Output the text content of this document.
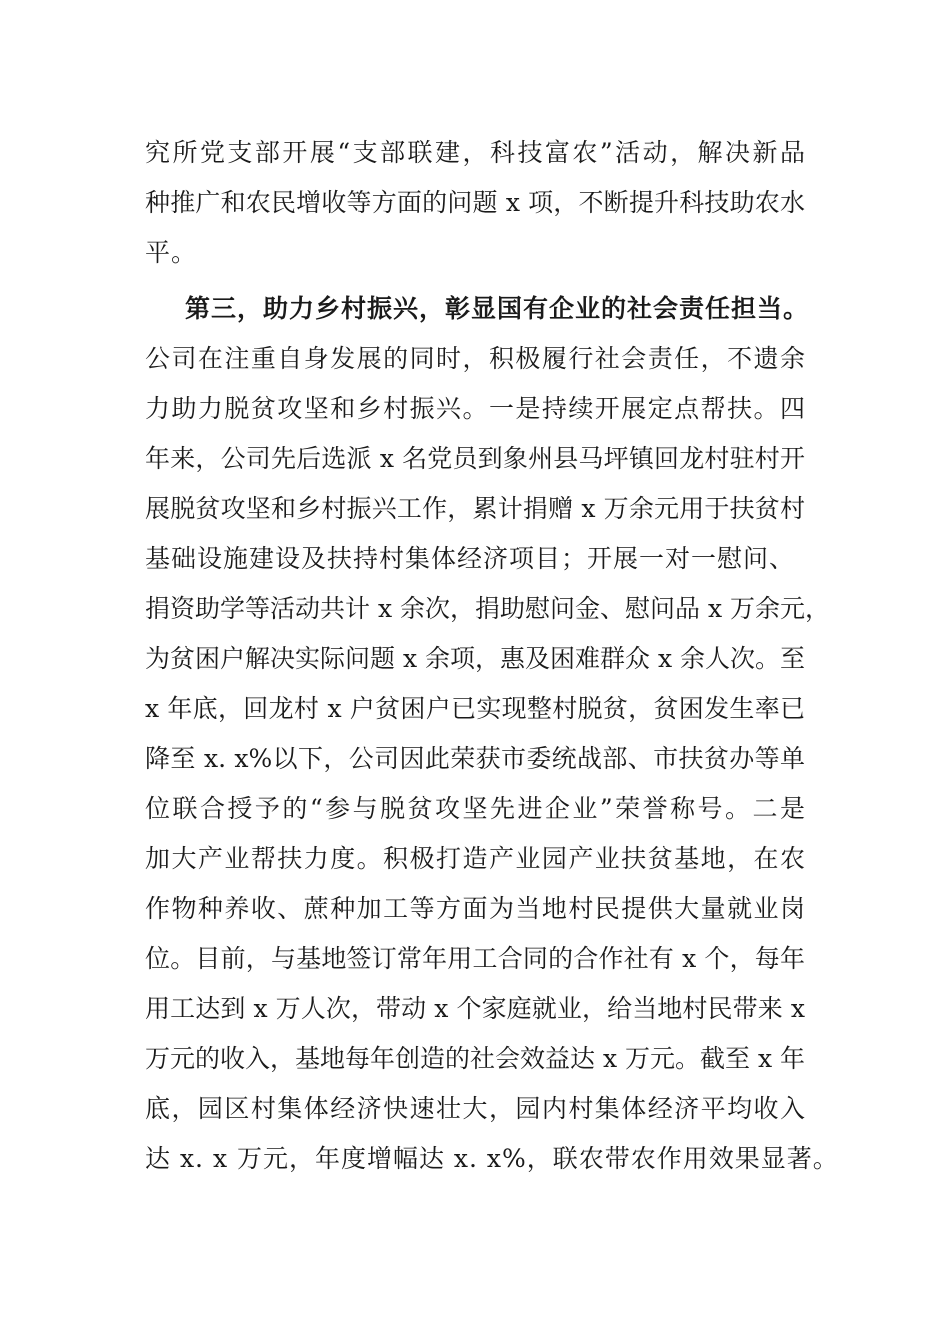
究所党支部开展“支部联建，科技富农”活动，解决新品
种推广和农民增收等方面的问题 x 项，不断提升科技助农水
平。
第三，助力乡村振兴，彰显国有企业的社会责任担当。
公司在注重自身发展的同时，积极履行社会责任，不遗余
力助力脱贫攻坚和乡村振兴。一是持续开展定点帮扶。四
年来，公司先后选派 x 名党员到象州县马坪镇回龙村驻村开
展脱贫攻坚和乡村振兴工作，累计捐赠 x 万余元用于扶贫村
基础设施建设及扶持村集体经济项目；开展一对一慰问、
捐资助学等活动共计 x 余次，捐助慰问金、慰问品 x 万余元，
为贫困户解决实际问题 x 余项，惠及困难群众 x 余人次。至
x 年底，回龙村 x 户贫困户已实现整村脱贫，贫困发生率已
降至 x. x%以下，公司因此荣获市委统战部、市扶贫办等单
位联合授予的“参与脱贫攻坚先进企业”荣誉称号。二是
加大产业帮扶力度。积极打造产业园产业扶贫基地，在农
作物种养收、蔗种加工等方面为当地村民提供大量就业岗
位。目前，与基地签订常年用工合同的合作社有 x 个，每年
用工达到 x 万人次，带动 x 个家庭就业，给当地村民带来 x
万元的收入，基地每年创造的社会效益达 x 万元。截至 x 年
底，园区村集体经济快速壮大，园内村集体经济平均收入
达 x. x 万元，年度增幅达 x. x%，联农带农作用效果显著。
